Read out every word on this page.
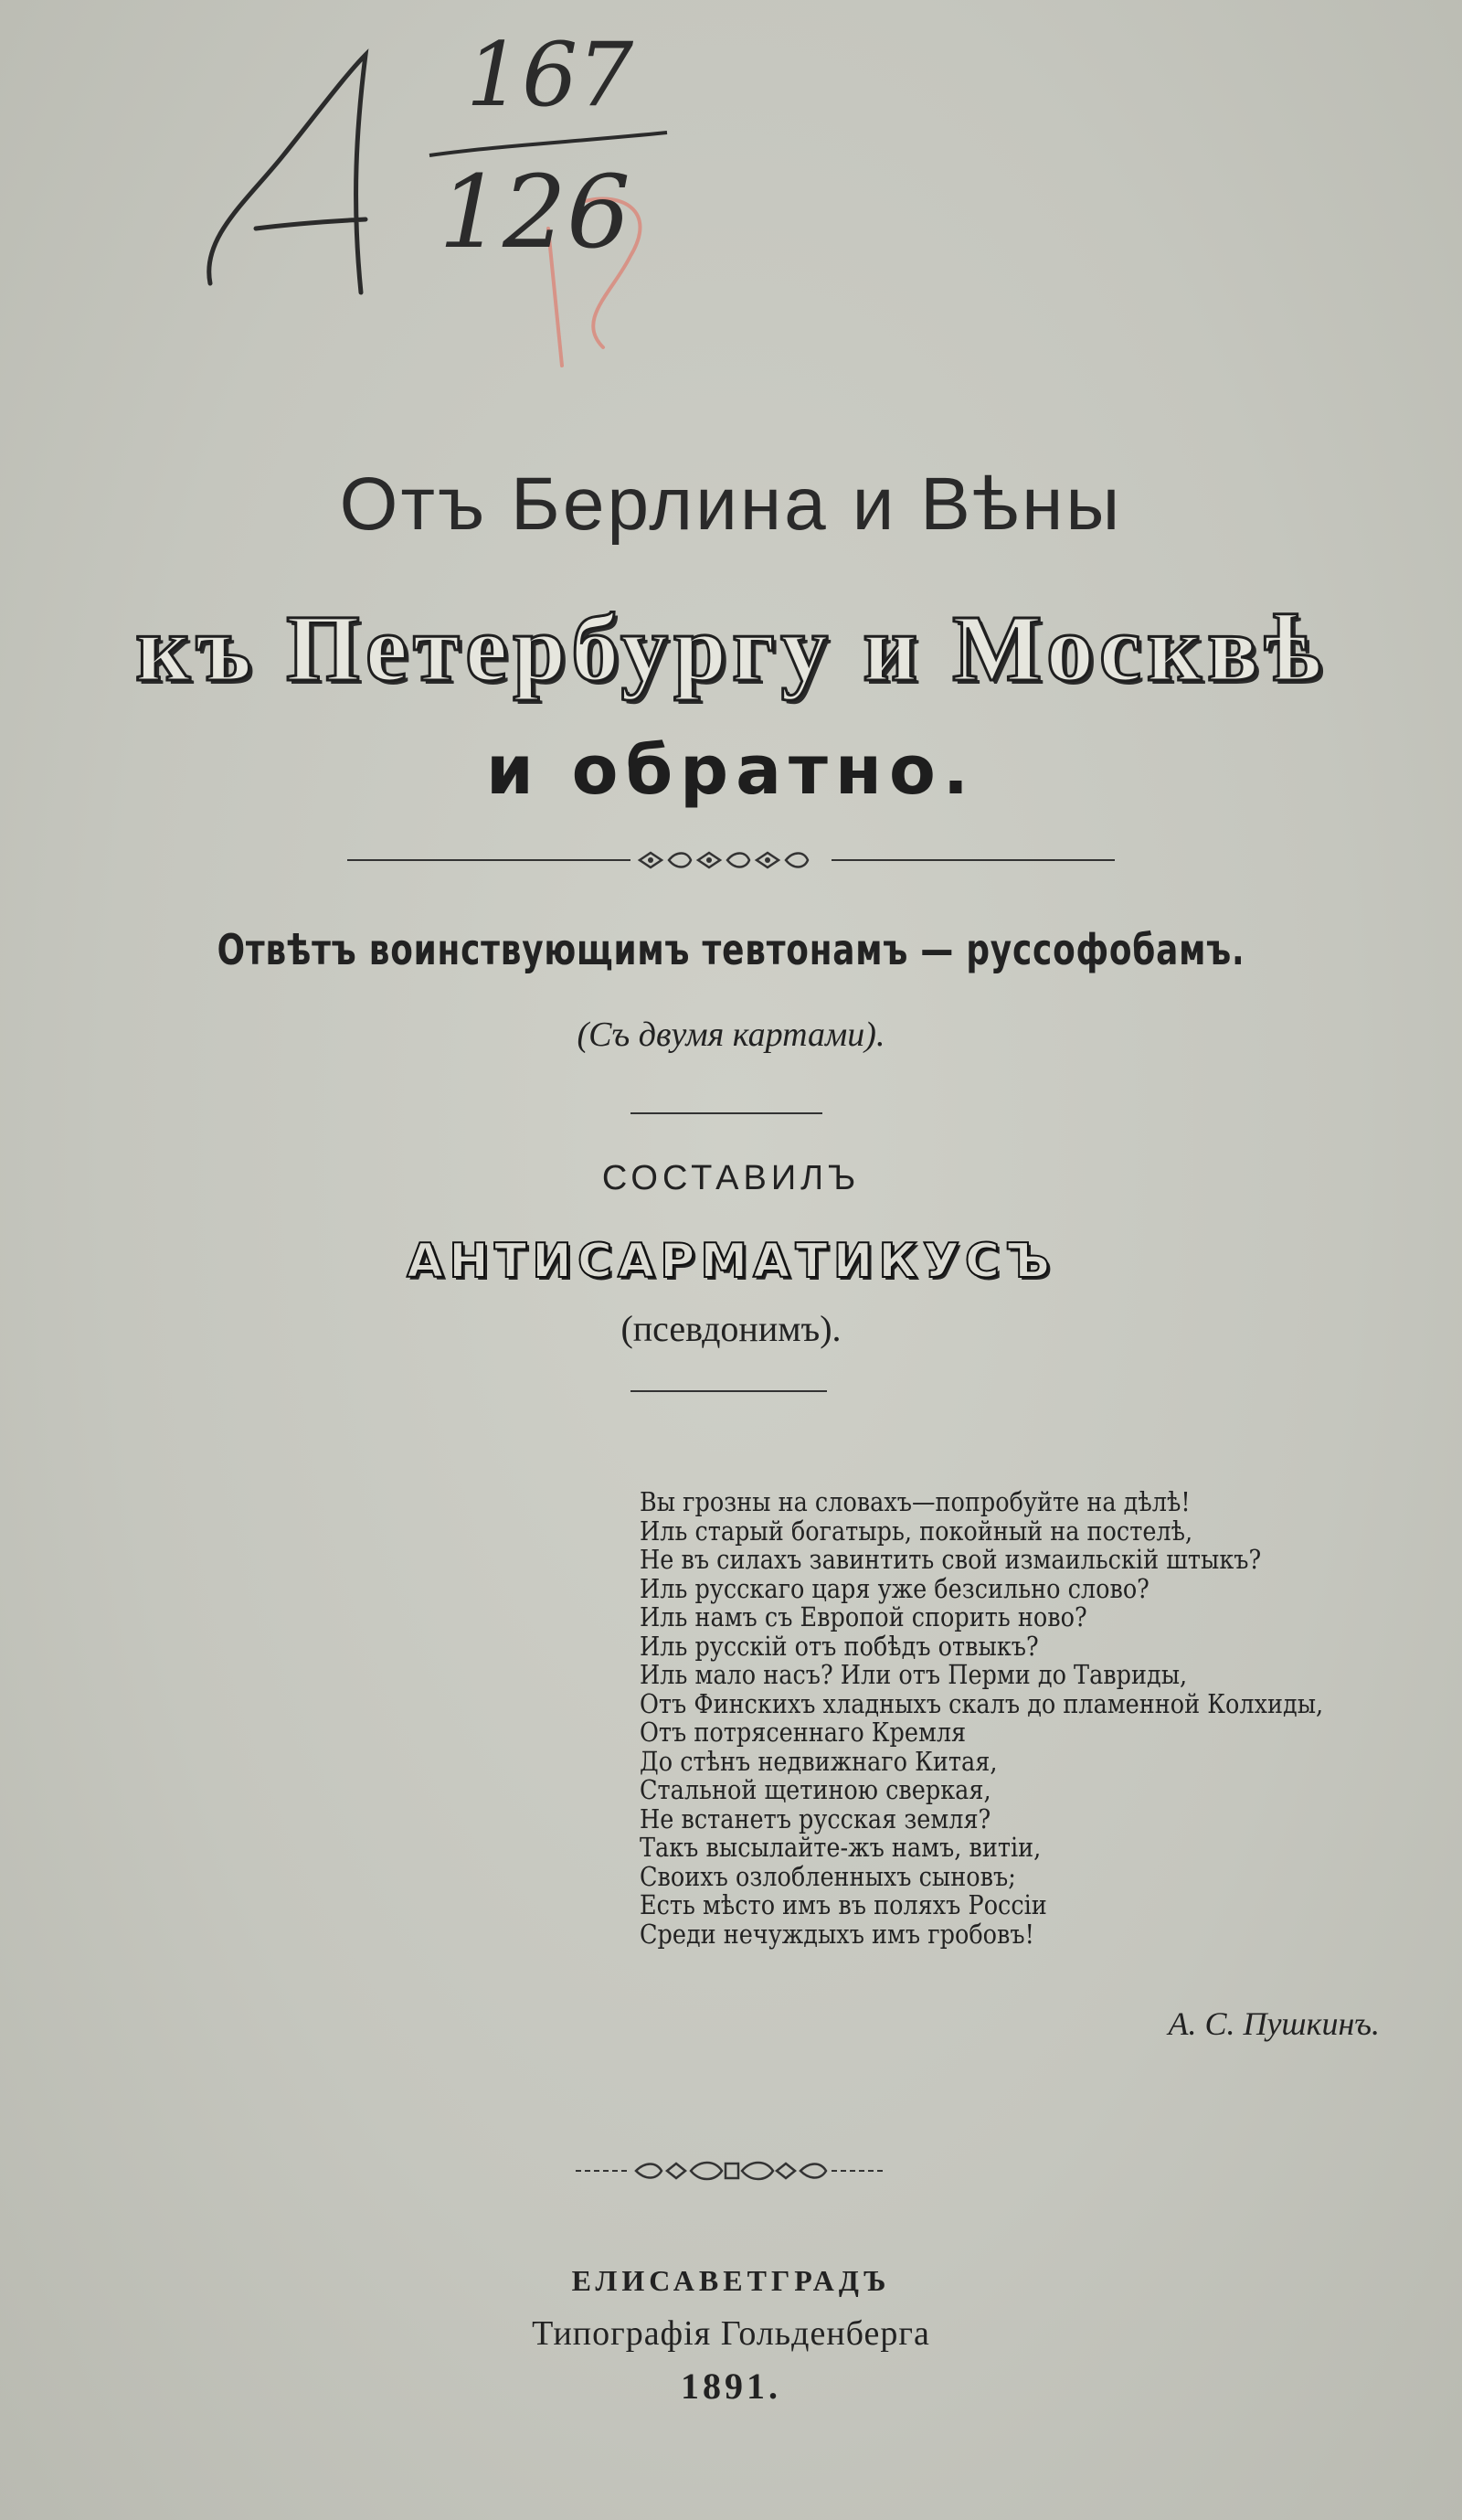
167
126
А
19
Отъ Берлина и Вѣны
къ Петербургу и Москвѣ
и обратно.
Отвѣтъ воинствующимъ тевтонамъ — руссофобамъ.
(Съ двумя картами).
СОСТАВИЛЪ
АНТИСАРМАТИКУСЪ
(псевдонимъ).
Вы грозны на словахъ—попробуйте на дѣлѣ!
Иль старый богатырь, покойный на постелѣ,
Не въ силахъ завинтить свой измаильскій штыкъ?
Иль русскаго царя уже безсильно слово?
Иль намъ съ Европой спорить ново?
Иль русскій отъ побѣдъ отвыкъ?
Иль мало насъ? Или отъ Перми до Тавриды,
Отъ Финскихъ хладныхъ скалъ до пламенной Колхиды,
Отъ потрясеннаго Кремля
До стѣнъ недвижнаго Китая,
Стальной щетиною сверкая,
Не встанетъ русская земля?
Такъ высылайте-жъ намъ, витіи,
Своихъ озлобленныхъ сыновъ;
Есть мѣсто имъ въ поляхъ Россіи
Среди нечуждыхъ имъ гробовъ!
А. С. Пушкинъ.
ЕЛИСАВЕТГРАДЪ
Типографія Гольденберга
1891.
